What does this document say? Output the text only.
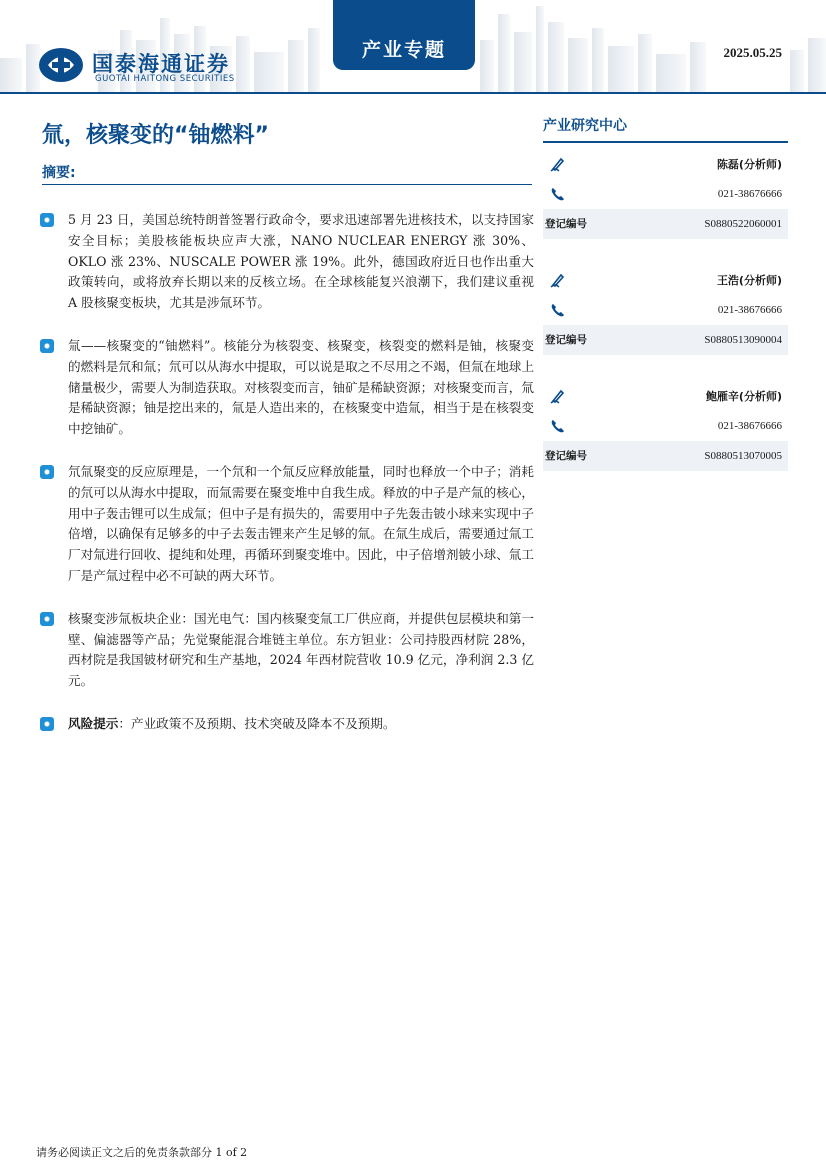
国泰海通证券
GUOTAI HAITONG SECURITIES
产业专题	2025.05.25
氚，核聚变的“铀燃料”
摘要:
5 月 23 日，美国总统特朗普签署行政命令，要求迅速部署先进核技术，以支持国家安全目标；美股核能板块应声大涨，NANO NUCLEAR ENERGY 涨 30%、OKLO 涨 23%、NUSCALE POWER 涨 19%。此外，德国政府近日也作出重大政策转向，或将放弃长期以来的反核立场。在全球核能复兴浪潮下，我们建议重视 A 股核聚变板块，尤其是涉氚环节。
氚——核聚变的“铀燃料”。核能分为核裂变、核聚变，核裂变的燃料是铀，核聚变的燃料是氘和氚；氘可以从海水中提取，可以说是取之不尽用之不竭，但氚在地球上储量极少，需要人为制造获取。对核裂变而言，铀矿是稀缺资源；对核聚变而言，氚是稀缺资源；铀是挖出来的，氚是人造出来的，在核聚变中造氚，相当于是在核裂变中挖铀矿。
氘氚聚变的反应原理是，一个氘和一个氚反应释放能量，同时也释放一个中子；消耗的氘可以从海水中提取，而氚需要在聚变堆中自我生成。释放的中子是产氚的核心，用中子轰击锂可以生成氚；但中子是有损失的，需要用中子先轰击铍小球来实现中子倍增，以确保有足够多的中子去轰击锂来产生足够的氚。在氚生成后，需要通过氚工厂对氚进行回收、提纯和处理，再循环到聚变堆中。因此，中子倍增剂铍小球、氚工厂是产氚过程中必不可缺的两大环节。
核聚变涉氚板块企业：国光电气：国内核聚变氚工厂供应商，并提供包层模块和第一壁、偏滤器等产品；先觉聚能混合堆链主单位。东方钽业：公司持股西材院 28%，西材院是我国铍材研究和生产基地，2024 年西材院营收 10.9 亿元，净利润 2.3 亿元。
风险提示：产业政策不及预期、技术突破及降本不及预期。
产业研究中心
陈磊(分析师)
021-38676666
登记编号	S0880522060001
王浩(分析师)
021-38676666
登记编号	S0880513090004
鲍雁辛(分析师)
021-38676666
登记编号	S0880513070005
请务必阅读正文之后的免责条款部分 1 of 2
